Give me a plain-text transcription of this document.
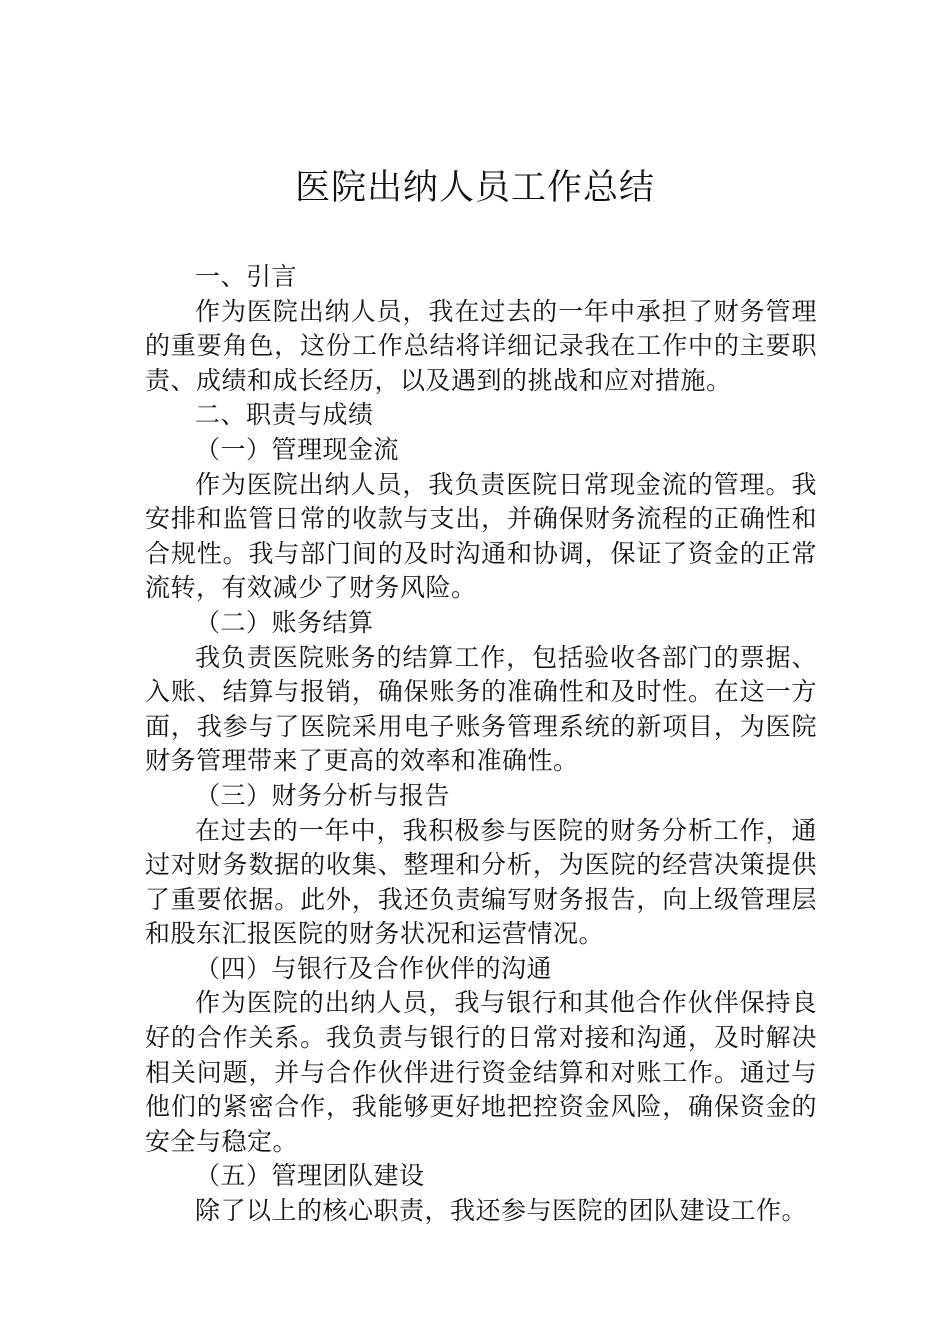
医院出纳人员工作总结

一、引言

作为医院出纳人员，我在过去的一年中承担了财务管理的重要角色，这份工作总结将详细记录我在工作中的主要职责、成绩和成长经历，以及遇到的挑战和应对措施。

二、职责与成绩

（一）管理现金流

作为医院出纳人员，我负责医院日常现金流的管理。我安排和监管日常的收款与支出，并确保财务流程的正确性和合规性。我与部门间的及时沟通和协调，保证了资金的正常流转，有效减少了财务风险。

（二）账务结算

我负责医院账务的结算工作，包括验收各部门的票据、入账、结算与报销，确保账务的准确性和及时性。在这一方面，我参与了医院采用电子账务管理系统的新项目，为医院财务管理带来了更高的效率和准确性。

（三）财务分析与报告

在过去的一年中，我积极参与医院的财务分析工作，通过对财务数据的收集、整理和分析，为医院的经营决策提供了重要依据。此外，我还负责编写财务报告，向上级管理层和股东汇报医院的财务状况和运营情况。

（四）与银行及合作伙伴的沟通

作为医院的出纳人员，我与银行和其他合作伙伴保持良好的合作关系。我负责与银行的日常对接和沟通，及时解决相关问题，并与合作伙伴进行资金结算和对账工作。通过与他们的紧密合作，我能够更好地把控资金风险，确保资金的安全与稳定。

（五）管理团队建设

除了以上的核心职责，我还参与医院的团队建设工作。
